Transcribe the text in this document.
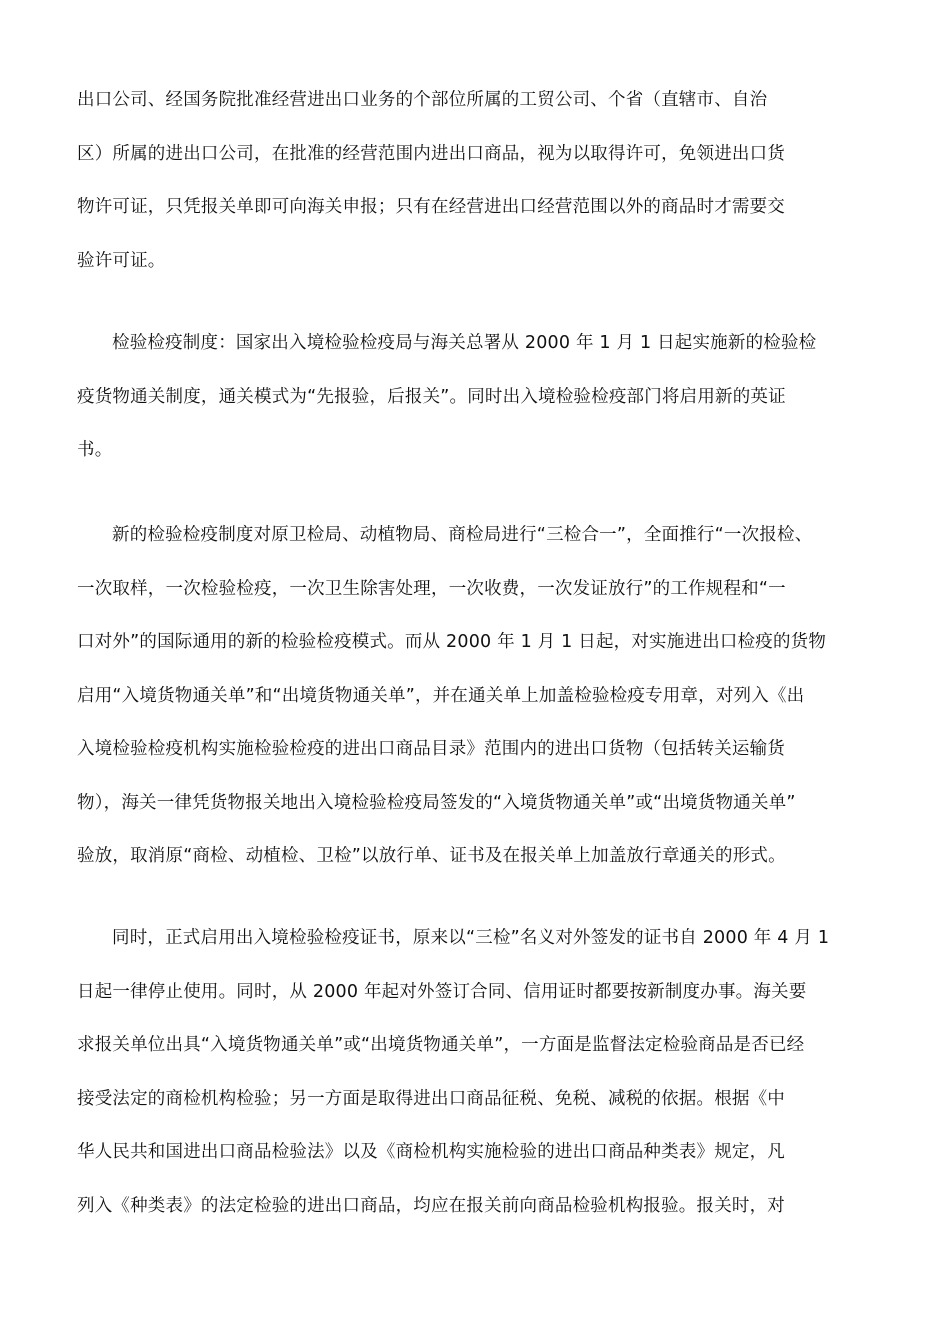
出口公司、经国务院批准经营进出口业务的个部位所属的工贸公司、个省（直辖市、自治
区）所属的进出口公司，在批准的经营范围内进出口商品，视为以取得许可，免领进出口货
物许可证，只凭报关单即可向海关申报；只有在经营进出口经营范围以外的商品时才需要交
验许可证。
检验检疫制度：国家出入境检验检疫局与海关总署从 2000 年 1 月 1 日起实施新的检验检
疫货物通关制度，通关模式为“先报验，后报关”。同时出入境检验检疫部门将启用新的英证
书。
新的检验检疫制度对原卫检局、动植物局、商检局进行“三检合一”，全面推行“一次报检、
一次取样，一次检验检疫，一次卫生除害处理，一次收费，一次发证放行”的工作规程和“一
口对外”的国际通用的新的检验检疫模式。而从 2000 年 1 月 1 日起，对实施进出口检疫的货物
启用“入境货物通关单”和“出境货物通关单”，并在通关单上加盖检验检疫专用章，对列入《出
入境检验检疫机构实施检验检疫的进出口商品目录》范围内的进出口货物（包括转关运输货
物），海关一律凭货物报关地出入境检验检疫局签发的“入境货物通关单”或“出境货物通关单”
验放，取消原“商检、动植检、卫检”以放行单、证书及在报关单上加盖放行章通关的形式。
同时，正式启用出入境检验检疫证书，原来以“三检”名义对外签发的证书自 2000 年 4 月 1
日起一律停止使用。同时，从 2000 年起对外签订合同、信用证时都要按新制度办事。海关要
求报关单位出具“入境货物通关单”或“出境货物通关单”，一方面是监督法定检验商品是否已经
接受法定的商检机构检验；另一方面是取得进出口商品征税、免税、减税的依据。根据《中
华人民共和国进出口商品检验法》以及《商检机构实施检验的进出口商品种类表》规定，凡
列入《种类表》的法定检验的进出口商品，均应在报关前向商品检验机构报验。报关时，对
